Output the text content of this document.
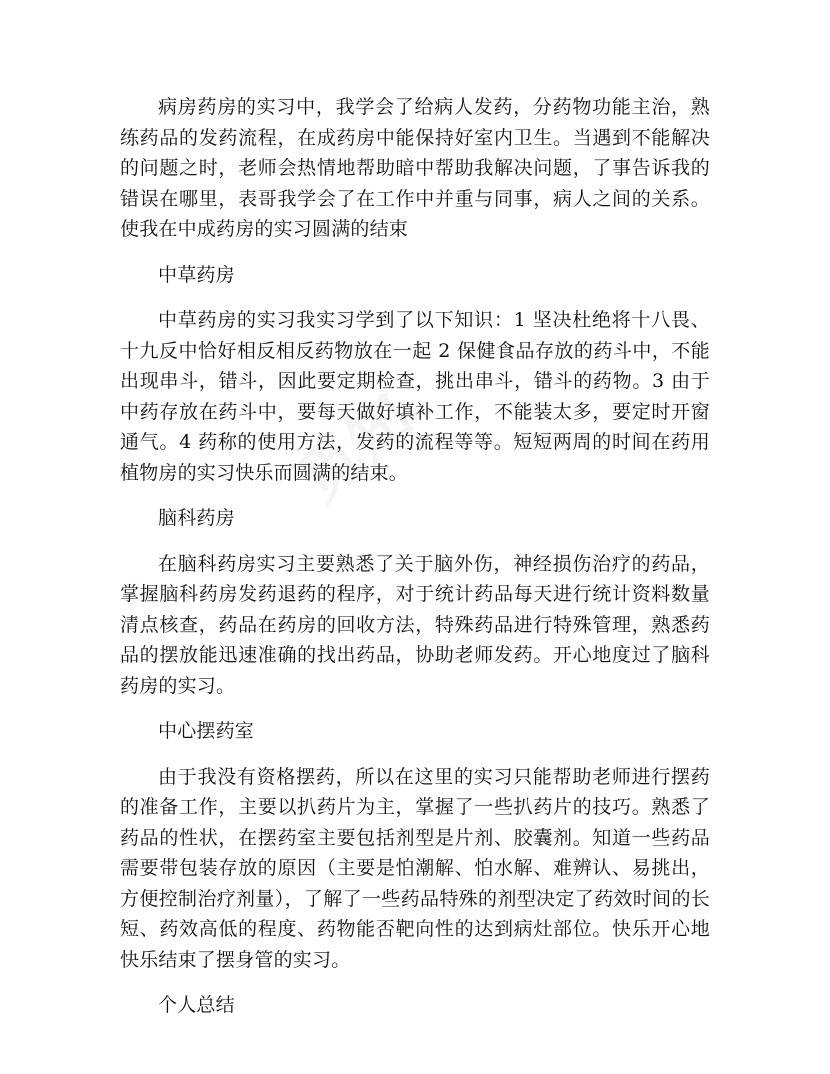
病房药房的实习中，我学会了给病人发药，分药物功能主治，熟练药品的发药流程，在成药房中能保持好室内卫生。当遇到不能解决的问题之时，老师会热情地帮助暗中帮助我解决问题，了事告诉我的错误在哪里，表哥我学会了在工作中并重与同事，病人之间的关系。使我在中成药房的实习圆满的结束

中草药房

中草药房的实习我实习学到了以下知识：1 坚决杜绝将十八畏、十九反中恰好相反相反药物放在一起 2 保健食品存放的药斗中，不能出现串斗，错斗，因此要定期检查，挑出串斗，错斗的药物。3 由于中药存放在药斗中，要每天做好填补工作，不能装太多，要定时开窗通气。4 药称的使用方法，发药的流程等等。短短两周的时间在药用植物房的实习快乐而圆满的结束。

脑科药房

在脑科药房实习主要熟悉了关于脑外伤，神经损伤治疗的药品，掌握脑科药房发药退药的程序，对于统计药品每天进行统计资料数量清点核查，药品在药房的回收方法，特殊药品进行特殊管理，熟悉药品的摆放能迅速准确的找出药品，协助老师发药。开心地度过了脑科药房的实习。

中心摆药室

由于我没有资格摆药，所以在这里的实习只能帮助老师进行摆药的准备工作，主要以扒药片为主，掌握了一些扒药片的技巧。熟悉了药品的性状，在摆药室主要包括剂型是片剂、胶囊剂。知道一些药品需要带包装存放的原因（主要是怕潮解、怕水解、难辨认、易挑出，方便控制治疗剂量），了解了一些药品特殊的剂型决定了药效时间的长短、药效高低的程度、药物能否靶向性的达到病灶部位。快乐开心地快乐结束了摆身管的实习。

个人总结
